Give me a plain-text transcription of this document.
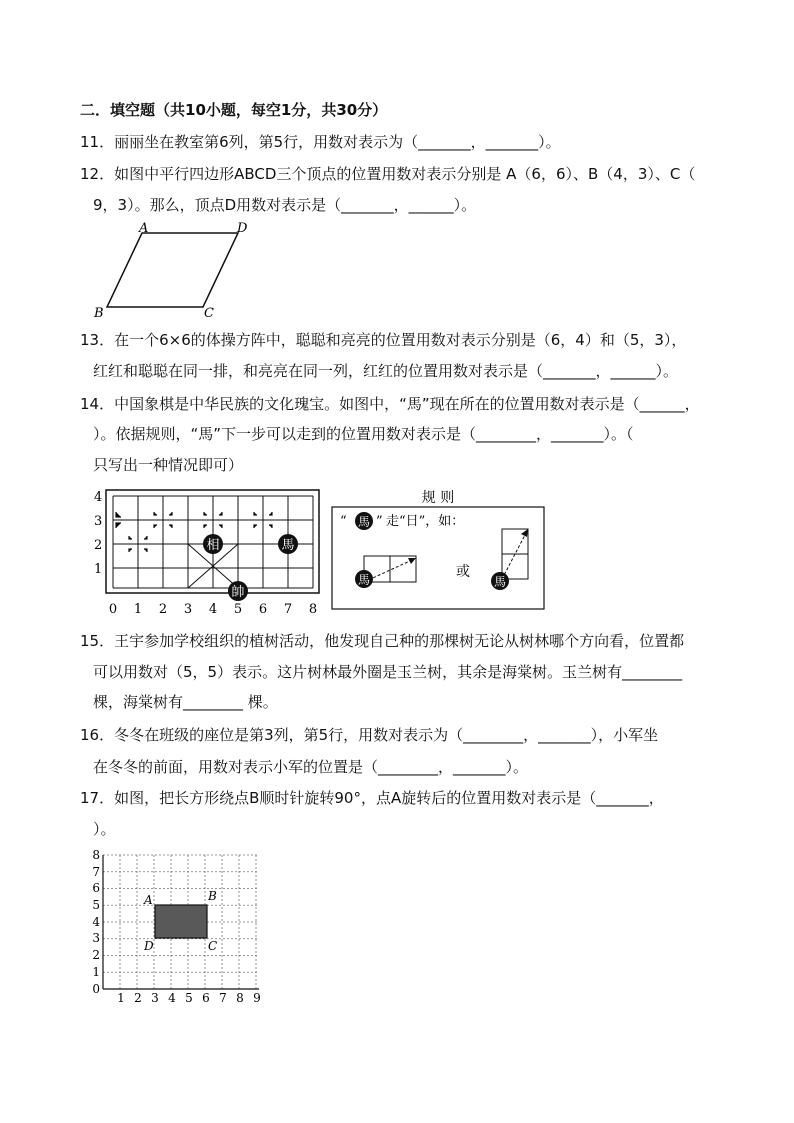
二．填空题（共10小题，每空1分，共30分）
11．丽丽坐在教室第6列，第5行，用数对表示为（_______，_______）。
12．如图中平行四边形ABCD三个顶点的位置用数对表示分别是 A（6，6）、B（4，3）、C（
9，3）。那么，顶点D用数对表示是（_______，______）。
A	D
B	C
13．在一个6×6的体操方阵中，聪聪和亮亮的位置用数对表示分别是（6，4）和（5，3），
红红和聪聪在同一排，和亮亮在同一列，红红的位置用数对表示是（_______，______）。
14．中国象棋是中华民族的文化瑰宝。如图中，“馬”现在所在的位置用数对表示是（______，
）。依据规则，“馬”下一步可以走到的位置用数对表示是（________，_______）。（
只写出一种情况即可）
相	馬
帥
4
3
2
1
0 1 2 3 4 5 6 7 8
规 则
“ 馬 ” 走“日”，如：
馬	或
馬
15．王宇参加学校组织的植树活动，他发现自己种的那棵树无论从树林哪个方向看，位置都
可以用数对（5，5）表示。这片树林最外圈是玉兰树，其余是海棠树。玉兰树有________
棵，海棠树有________ 棵。
16．冬冬在班级的座位是第3列，第5行，用数对表示为（________，_______），小军坐
在冬冬的前面，用数对表示小军的位置是（________，_______）。
17．如图，把长方形绕点B顺时针旋转90°，点A旋转后的位置用数对表示是（_______，
）。
A	B
C
D
8
7
6
5
4
3
2
1
0
1 2 3 4 5 6 7 8 9
